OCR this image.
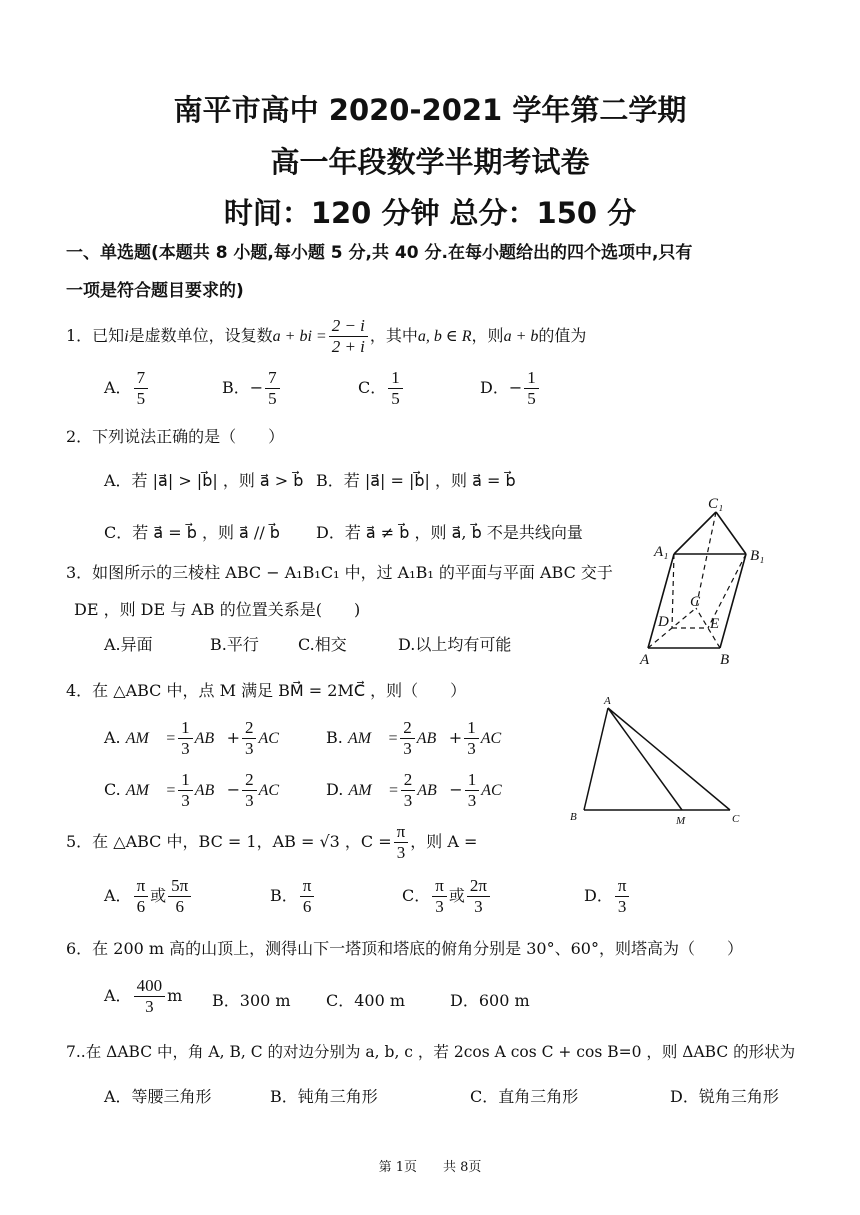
南平市高中 2020-2021 学年第二学期
高一年段数学半期考试卷
时间：120 分钟 总分：150 分
一、单选题(本题共 8 小题,每小题 5 分,共 40 分.在每小题给出的四个选项中,只有
一项是符合题目要求的)
1．已知i是虚数单位，设复数a + bi = $\frac{2 - i}{2 + i}$ ，其中a, b ∈ R，则a + b的值为
A． $\frac{7}{5}$	B．− $\frac{7}{5}$	C． $\frac{1}{5}$	D．− $\frac{1}{5}$
2．下列说法正确的是（　　）
A．若 |a⃗| > |b⃗| ，则 a⃗ > b⃗ B．若 |a⃗| = |b⃗| ，则 a⃗ = b⃗
C．若 a⃗ = b⃗ ，则 a⃗ // b⃗ D．若 a⃗ ≠ b⃗ ，则 a⃗, b⃗ 不是共线向量
3．如图所示的三棱柱 ABC − A₁B₁C₁ 中，过 A₁B₁ 的平面与平面 ABC 交于
DE ，则 DE 与 AB 的位置关系是(　　)
A.异面	B.平行 C.相交	D.以上均有可能
C₁
A₁	B₁
C
D	E
A	B
4．在 △ABC 中，点 M 满足 BM⃗ = 2MC⃗ ，则（　　）
A. AM⃗ = $\frac{1}{3}$ AB⃗+ $\frac{2}{3}$ AC⃗ B. AM⃗ = $\frac{2}{3}$ AB⃗+ $\frac{1}{3}$ AC⃗
C. AM⃗ = $\frac{1}{3}$ AB⃗− $\frac{2}{3}$ AC⃗ D. AM⃗ = $\frac{2}{3}$ AB⃗− $\frac{1}{3}$ AC⃗
A
B	M	C
5．在 △ABC 中，BC = 1，AB = √3 ，$C = \frac{\pi}{3}$ ，则 A =
A． $\frac{\pi}{6}$ 或 $\frac{5\pi}{6}$	B． $\frac{\pi}{6}$	C． $\frac{\pi}{3}$ 或 $\frac{2\pi}{3}$	D． $\frac{\pi}{3}$
6．在 200 m 高的山顶上，测得山下一塔顶和塔底的俯角分别是 30°、60°，则塔高为（　　）
A． $\frac{400}{3}$ m B．300 m C．400 m	D．600 m
7..在 ΔABC 中，角 A, B, C 的对边分别为 a, b, c ，若 2cos A cos C + cos B=0 ，则 ΔABC 的形状为
A．等腰三角形	B．钝角三角形	C．直角三角形	D．锐角三角形
第 1页　　共 8页
